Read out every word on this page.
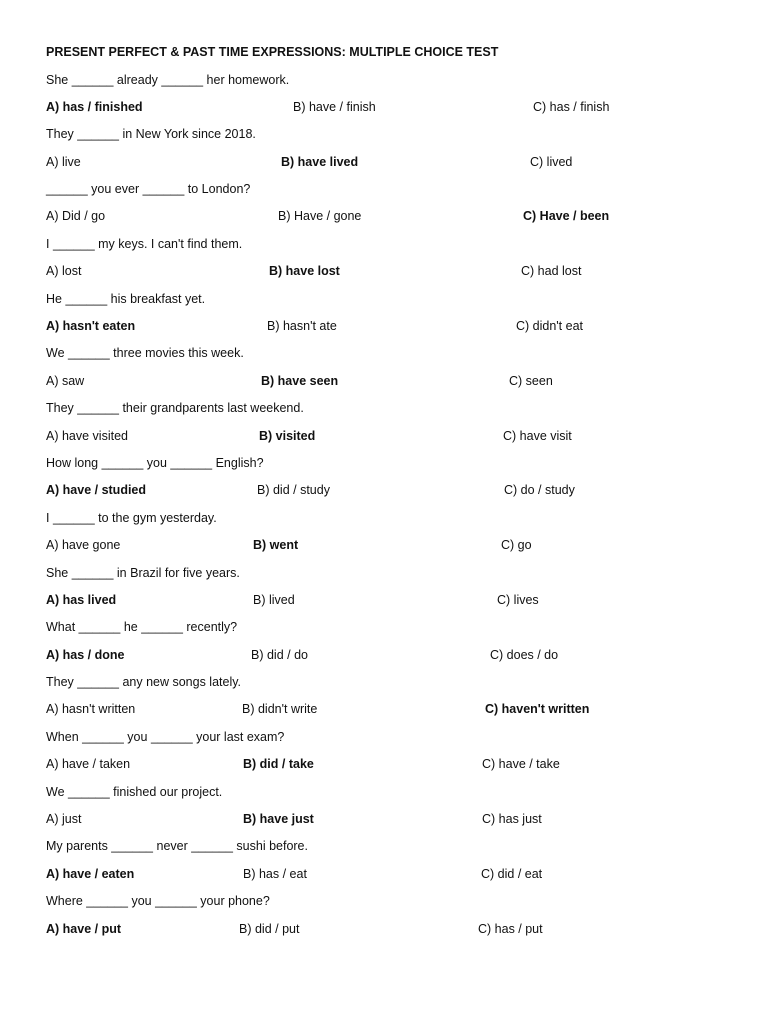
PRESENT PERFECT & PAST TIME EXPRESSIONS: MULTIPLE CHOICE TEST
She ______ already ______ her homework.
A) has / finished	B) have / finish	C) has / finish
They ______ in New York since 2018.
A) live	B) have lived	C) lived
______ you ever ______ to London?
A) Did / go	B) Have / gone	C) Have / been
I ______ my keys. I can't find them.
A) lost	B) have lost	C) had lost
He ______ his breakfast yet.
A) hasn't eaten	B) hasn't ate	C) didn't eat
We ______ three movies this week.
A) saw	B) have seen	C) seen
They ______ their grandparents last weekend.
A) have visited	B) visited	C) have visit
How long ______ you ______ English?
A) have / studied	B) did / study	C) do / study
I ______ to the gym yesterday.
A) have gone	B) went	C) go
She ______ in Brazil for five years.
A) has lived	B) lived	C) lives
What ______ he ______ recently?
A) has / done	B) did / do	C) does / do
They ______ any new songs lately.
A) hasn't written	B) didn't write	C) haven't written
When ______ you ______ your last exam?
A) have / taken	B) did / take	C) have / take
We ______ finished our project.
A) just	B) have just	C) has just
My parents ______ never ______ sushi before.
A) have / eaten	B) has / eat	C) did / eat
Where ______ you ______ your phone?
A) have / put	B) did / put	C) has / put
